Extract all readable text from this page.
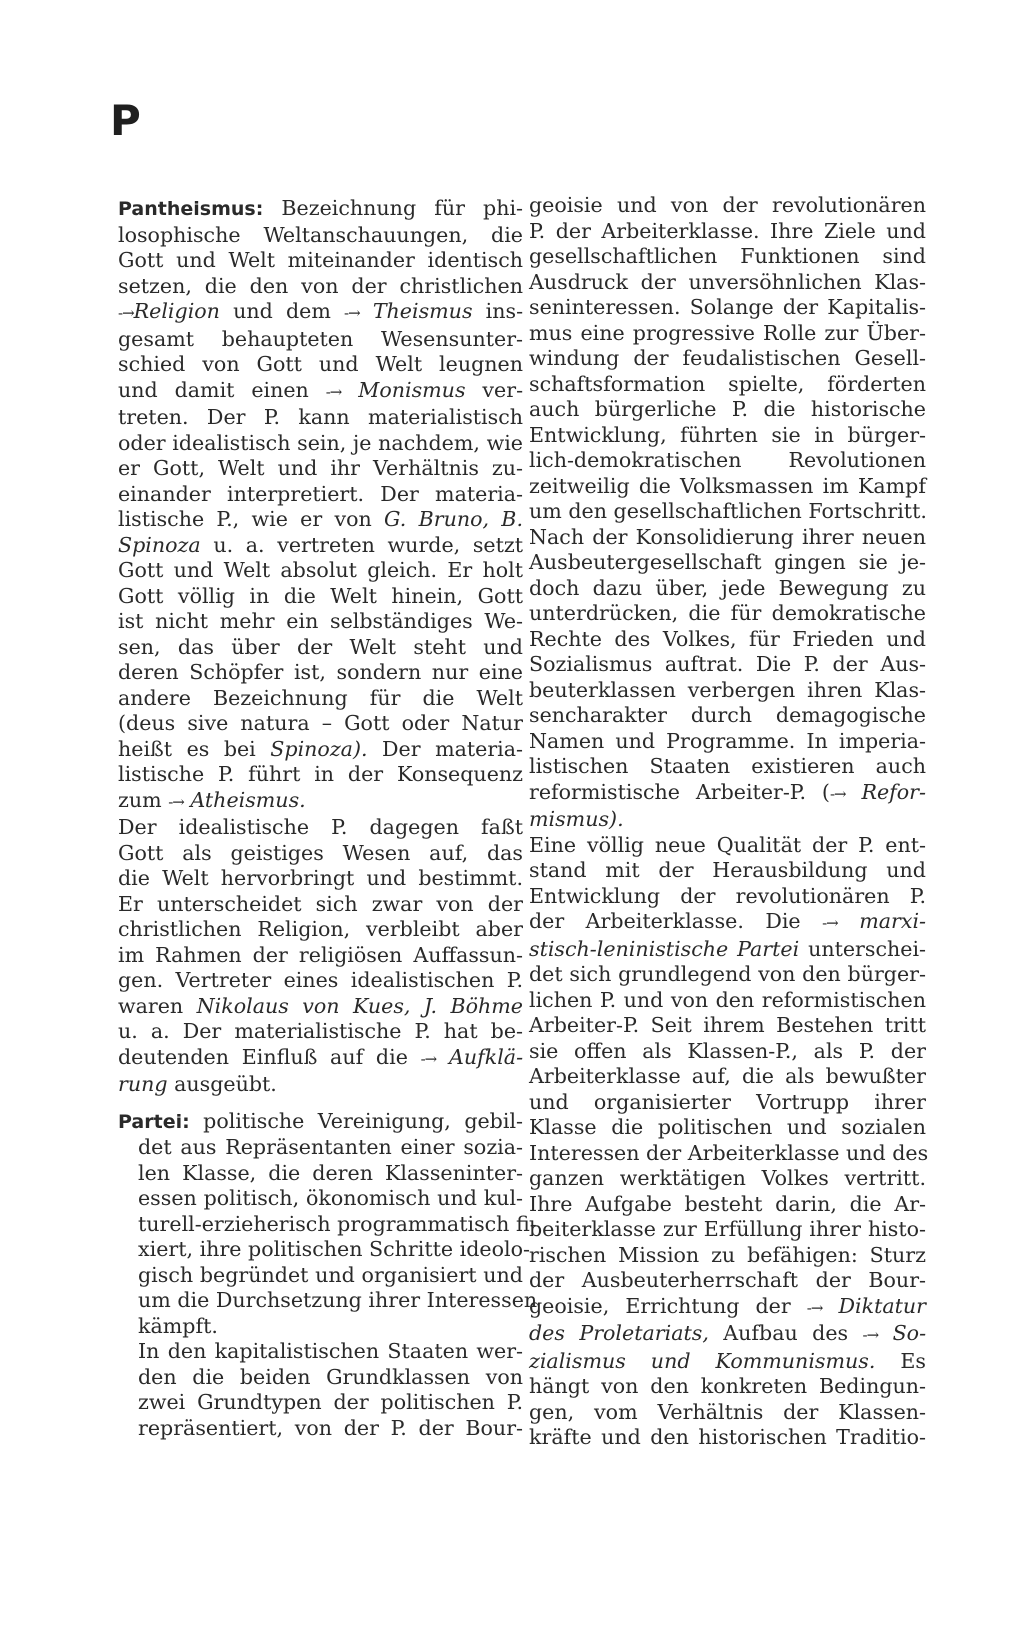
P
Pantheismus: Bezeichnung für phi-
losophische Weltanschauungen, die
Gott und Welt miteinander identisch
setzen, die den von der christlichen
-→Religion und dem -→ Theismus ins-
gesamt behaupteten Wesensunter-
schied von Gott und Welt leugnen
und damit einen -→ Monismus ver-
treten. Der P. kann materialistisch
oder idealistisch sein, je nachdem, wie
er Gott, Welt und ihr Verhältnis zu-
einander interpretiert. Der materia-
listische P., wie er von G. Bruno, B.
Spinoza u. a. vertreten wurde, setzt
Gott und Welt absolut gleich. Er holt
Gott völlig in die Welt hinein, Gott
ist nicht mehr ein selbständiges We-
sen, das über der Welt steht und
deren Schöpfer ist, sondern nur eine
andere Bezeichnung für die Welt
(deus sive natura – Gott oder Natur
heißt es bei Spinoza). Der materia-
listische P. führt in der Konsequenz
zum -→ Atheismus.
Der idealistische P. dagegen faßt
Gott als geistiges Wesen auf, das
die Welt hervorbringt und bestimmt.
Er unterscheidet sich zwar von der
christlichen Religion, verbleibt aber
im Rahmen der religiösen Auffassun-
gen. Vertreter eines idealistischen P.
waren Nikolaus von Kues, J. Böhme
u. a. Der materialistische P. hat be-
deutenden Einfluß auf die -→ Aufklä-
rung ausgeübt.
Partei: politische Vereinigung, gebil-
det aus Repräsentanten einer sozia-
len Klasse, die deren Klasseninter-
essen politisch, ökonomisch und kul-
turell-erzieherisch programmatisch fi-
xiert, ihre politischen Schritte ideolo-
gisch begründet und organisiert und
um die Durchsetzung ihrer Interessen
kämpft.
In den kapitalistischen Staaten wer-
den die beiden Grundklassen von
zwei Grundtypen der politischen P.
repräsentiert, von der P. der Bour-
geoisie und von der revolutionären
P. der Arbeiterklasse. Ihre Ziele und
gesellschaftlichen Funktionen sind
Ausdruck der unversöhnlichen Klas-
seninteressen. Solange der Kapitalis-
mus eine progressive Rolle zur Über-
windung der feudalistischen Gesell-
schaftsformation spielte, förderten
auch bürgerliche P. die historische
Entwicklung, führten sie in bürger-
lich-demokratischen Revolutionen
zeitweilig die Volksmassen im Kampf
um den gesellschaftlichen Fortschritt.
Nach der Konsolidierung ihrer neuen
Ausbeutergesellschaft gingen sie je-
doch dazu über, jede Bewegung zu
unterdrücken, die für demokratische
Rechte des Volkes, für Frieden und
Sozialismus auftrat. Die P. der Aus-
beuterklassen verbergen ihren Klas-
sencharakter durch demagogische
Namen und Programme. In imperia-
listischen Staaten existieren auch
reformistische Arbeiter-P. (-→ Refor-
mismus).
Eine völlig neue Qualität der P. ent-
stand mit der Herausbildung und
Entwicklung der revolutionären P.
der Arbeiterklasse. Die -→ marxi-
stisch-leninistische Partei unterschei-
det sich grundlegend von den bürger-
lichen P. und von den reformistischen
Arbeiter-P. Seit ihrem Bestehen tritt
sie offen als Klassen-P., als P. der
Arbeiterklasse auf, die als bewußter
und organisierter Vortrupp ihrer
Klasse die politischen und sozialen
Interessen der Arbeiterklasse und des
ganzen werktätigen Volkes vertritt.
Ihre Aufgabe besteht darin, die Ar-
beiterklasse zur Erfüllung ihrer histo-
rischen Mission zu befähigen: Sturz
der Ausbeuterherrschaft der Bour-
geoisie, Errichtung der -→ Diktatur
des Proletariats, Aufbau des -→ So-
zialismus und Kommunismus. Es
hängt von den konkreten Bedingun-
gen, vom Verhältnis der Klassen-
kräfte und den historischen Traditio-
